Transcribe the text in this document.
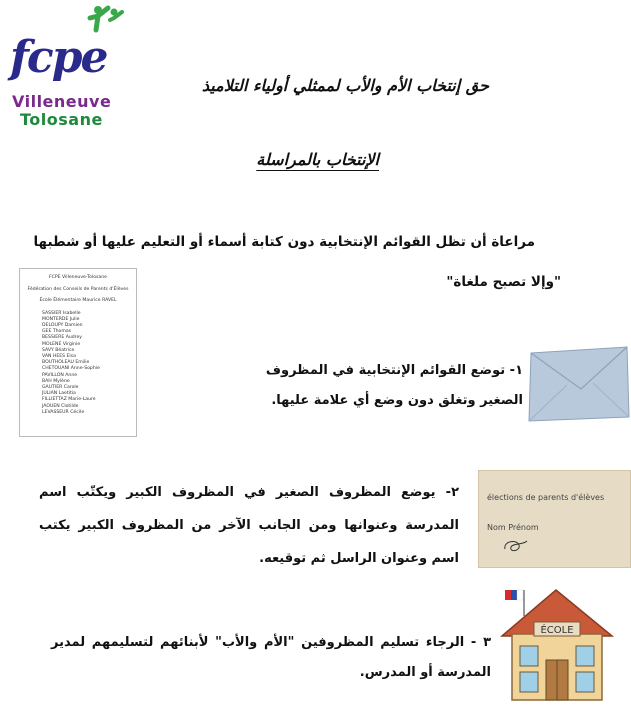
fcpe
Villeneuve
Tolosane
حق إنتخاب الأم والأب لممثلي أولياء التلاميذ
الإنتخاب بالمراسلة
مراعاة أن تظل القوائم الإنتخابية دون كتابة أسماء أو التعليم عليها أو شطبها
"وإلا تصبح ملغاة"
FCPE Villeneuve-Tolosane
Fédération des Conseils de Parents d'Élèves
École Élémentaire Maurice RAVEL
SASSIER Isabelle
MONTERDE Julie
DELOUPY Damien
GEE Thomas
BESSIERE Audrey
MOLENE Virginie
SAVY Béatrice
VAN HEES Elsa
BOUTHOLEAU Emilie
CHETOUANI Anne-Sophie
PAVILLON Anne
BAH Mylène
GAUTIER Carole
JULIAN Laetitia
FILLIETTAZ Marie-Laure
JAOUEN Clotilde
LEVASSEUR Cécile
١- توضع القوائم الإنتخابية في المظروف الصغير وتغلق دون وضع أي علامة عليها.
٢- يوضع المظروف الصغير في المظروف الكبير ويكتّب اسم المدرسة وعنوانها ومن الجانب الآخر من المظروف الكبير يكتب اسم وعنوان الراسل ثم توقيعه.
élections de parents d'élèves
Nom Prénom
٣ - الرجاء تسليم المظروفين "الأم والأب" لأبنائهم لتسليمهم لمدير المدرسة أو المدرس.
ÉCOLE
